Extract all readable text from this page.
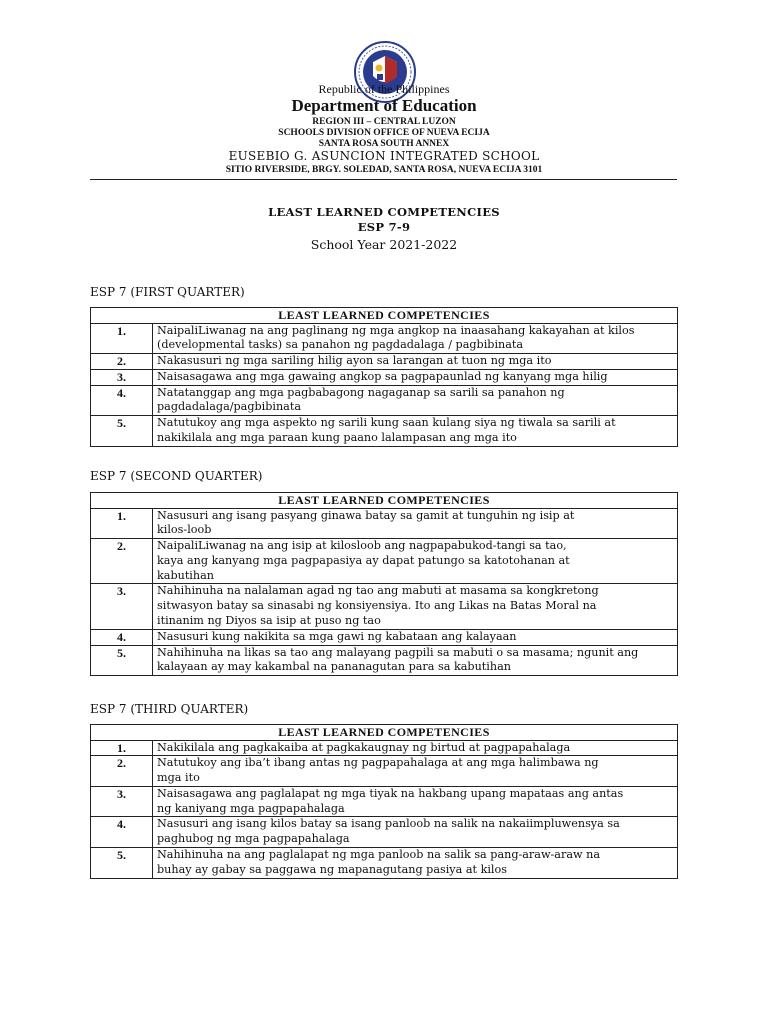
Republic of the Philippines
Department of Education
REGION III – CENTRAL LUZON
SCHOOLS DIVISION OFFICE OF NUEVA ECIJA
SANTA ROSA SOUTH ANNEX
EUSEBIO G. ASUNCION INTEGRATED SCHOOL
SITIO RIVERSIDE, BRGY. SOLEDAD, SANTA ROSA, NUEVA ECIJA 3101
LEAST LEARNED COMPETENCIES
ESP 7-9
School Year 2021-2022
ESP 7 (FIRST QUARTER)
LEAST LEARNED COMPETENCIES	
1.	NaipaliLiwanag na ang paglinang ng mga angkop na inaasahang kakayahan at kilos
(developmental tasks) sa panahon ng pagdadalaga / pagbibinata
2.	Nakasusuri ng mga sariling hilig ayon sa larangan at tuon ng mga ito
3.	Naisasagawa ang mga gawaing angkop sa pagpapaunlad ng kanyang mga hilig
4.	Natatanggap ang mga pagbabagong nagaganap sa sarili sa panahon ng
pagdadalaga/pagbibinata
5.	Natutukoy ang mga aspekto ng sarili kung saan kulang siya ng tiwala sa sarili at
nakikilala ang mga paraan kung paano lalampasan ang mga ito
ESP 7 (SECOND QUARTER)
LEAST LEARNED COMPETENCIES	
1.	Nasusuri ang isang pasyang ginawa batay sa gamit at tunguhin ng isip at
kilos-loob
2.	NaipaliLiwanag na ang isip at kilosloob ang nagpapabukod-tangi sa tao,
kaya ang kanyang mga pagpapasiya ay dapat patungo sa katotohanan at
kabutihan
3.	Nahihinuha na nalalaman agad ng tao ang mabuti at masama sa kongkretong
sitwasyon batay sa sinasabi ng konsiyensiya. Ito ang Likas na Batas Moral na
itinanim ng Diyos sa isip at puso ng tao
4.	Nasusuri kung nakikita sa mga gawi ng kabataan ang kalayaan
5.	Nahihinuha na likas sa tao ang malayang pagpili sa mabuti o sa masama; ngunit ang
kalayaan ay may kakambal na pananagutan para sa kabutihan
ESP 7 (THIRD QUARTER)
LEAST LEARNED COMPETENCIES	
1.	Nakikilala ang pagkakaiba at pagkakaugnay ng birtud at pagpapahalaga
2.	Natutukoy ang iba’t ibang antas ng pagpapahalaga at ang mga halimbawa ng
mga ito
3.	Naisasagawa ang paglalapat ng mga tiyak na hakbang upang mapataas ang antas
ng kaniyang mga pagpapahalaga
4.	Nasusuri ang isang kilos batay sa isang panloob na salik na nakaiimpluwensya sa
paghubog ng mga pagpapahalaga
5.	Nahihinuha na ang paglalapat ng mga panloob na salik sa pang-araw-araw na
buhay ay gabay sa paggawa ng mapanagutang pasiya at kilos
